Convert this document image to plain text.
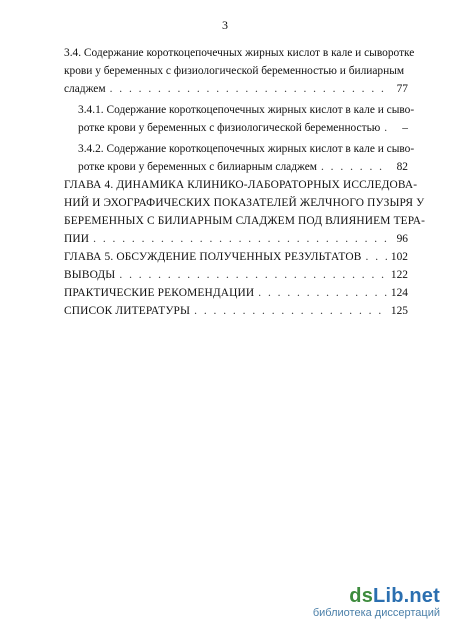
3
3.4. Содержание короткоцепочечных жирных кислот в кале и сыворотке
крови у беременных с физиологической беременностью и билиарным
сладжем . . .	77
3.4.1. Содержание короткоцепочечных жирных кислот в кале и сыво-
ротке крови у беременных с физиологической беременностью . . .	–
3.4.2. Содержание короткоцепочечных жирных кислот в кале и сыво-
ротке крови у беременных с билиарным сладжем . . .	82
ГЛАВА 4. ДИНАМИКА КЛИНИКО-ЛАБОРАТОРНЫХ ИССЛЕДОВА-
НИЙ И ЭХОГРАФИЧЕСКИХ ПОКАЗАТЕЛЕЙ ЖЕЛЧНОГО ПУЗЫРЯ У
БЕРЕМЕННЫХ С БИЛИАРНЫМ СЛАДЖЕМ ПОД ВЛИЯНИЕМ ТЕРА-
ПИИ . . .	96
ГЛАВА 5. ОБСУЖДЕНИЕ ПОЛУЧЕННЫХ РЕЗУЛЬТАТОВ . . .	102
ВЫВОДЫ . . .	122
ПРАКТИЧЕСКИЕ РЕКОМЕНДАЦИИ . . .	124
СПИСОК ЛИТЕРАТУРЫ . . .	125
dsLib.net
библиотека диссертаций
